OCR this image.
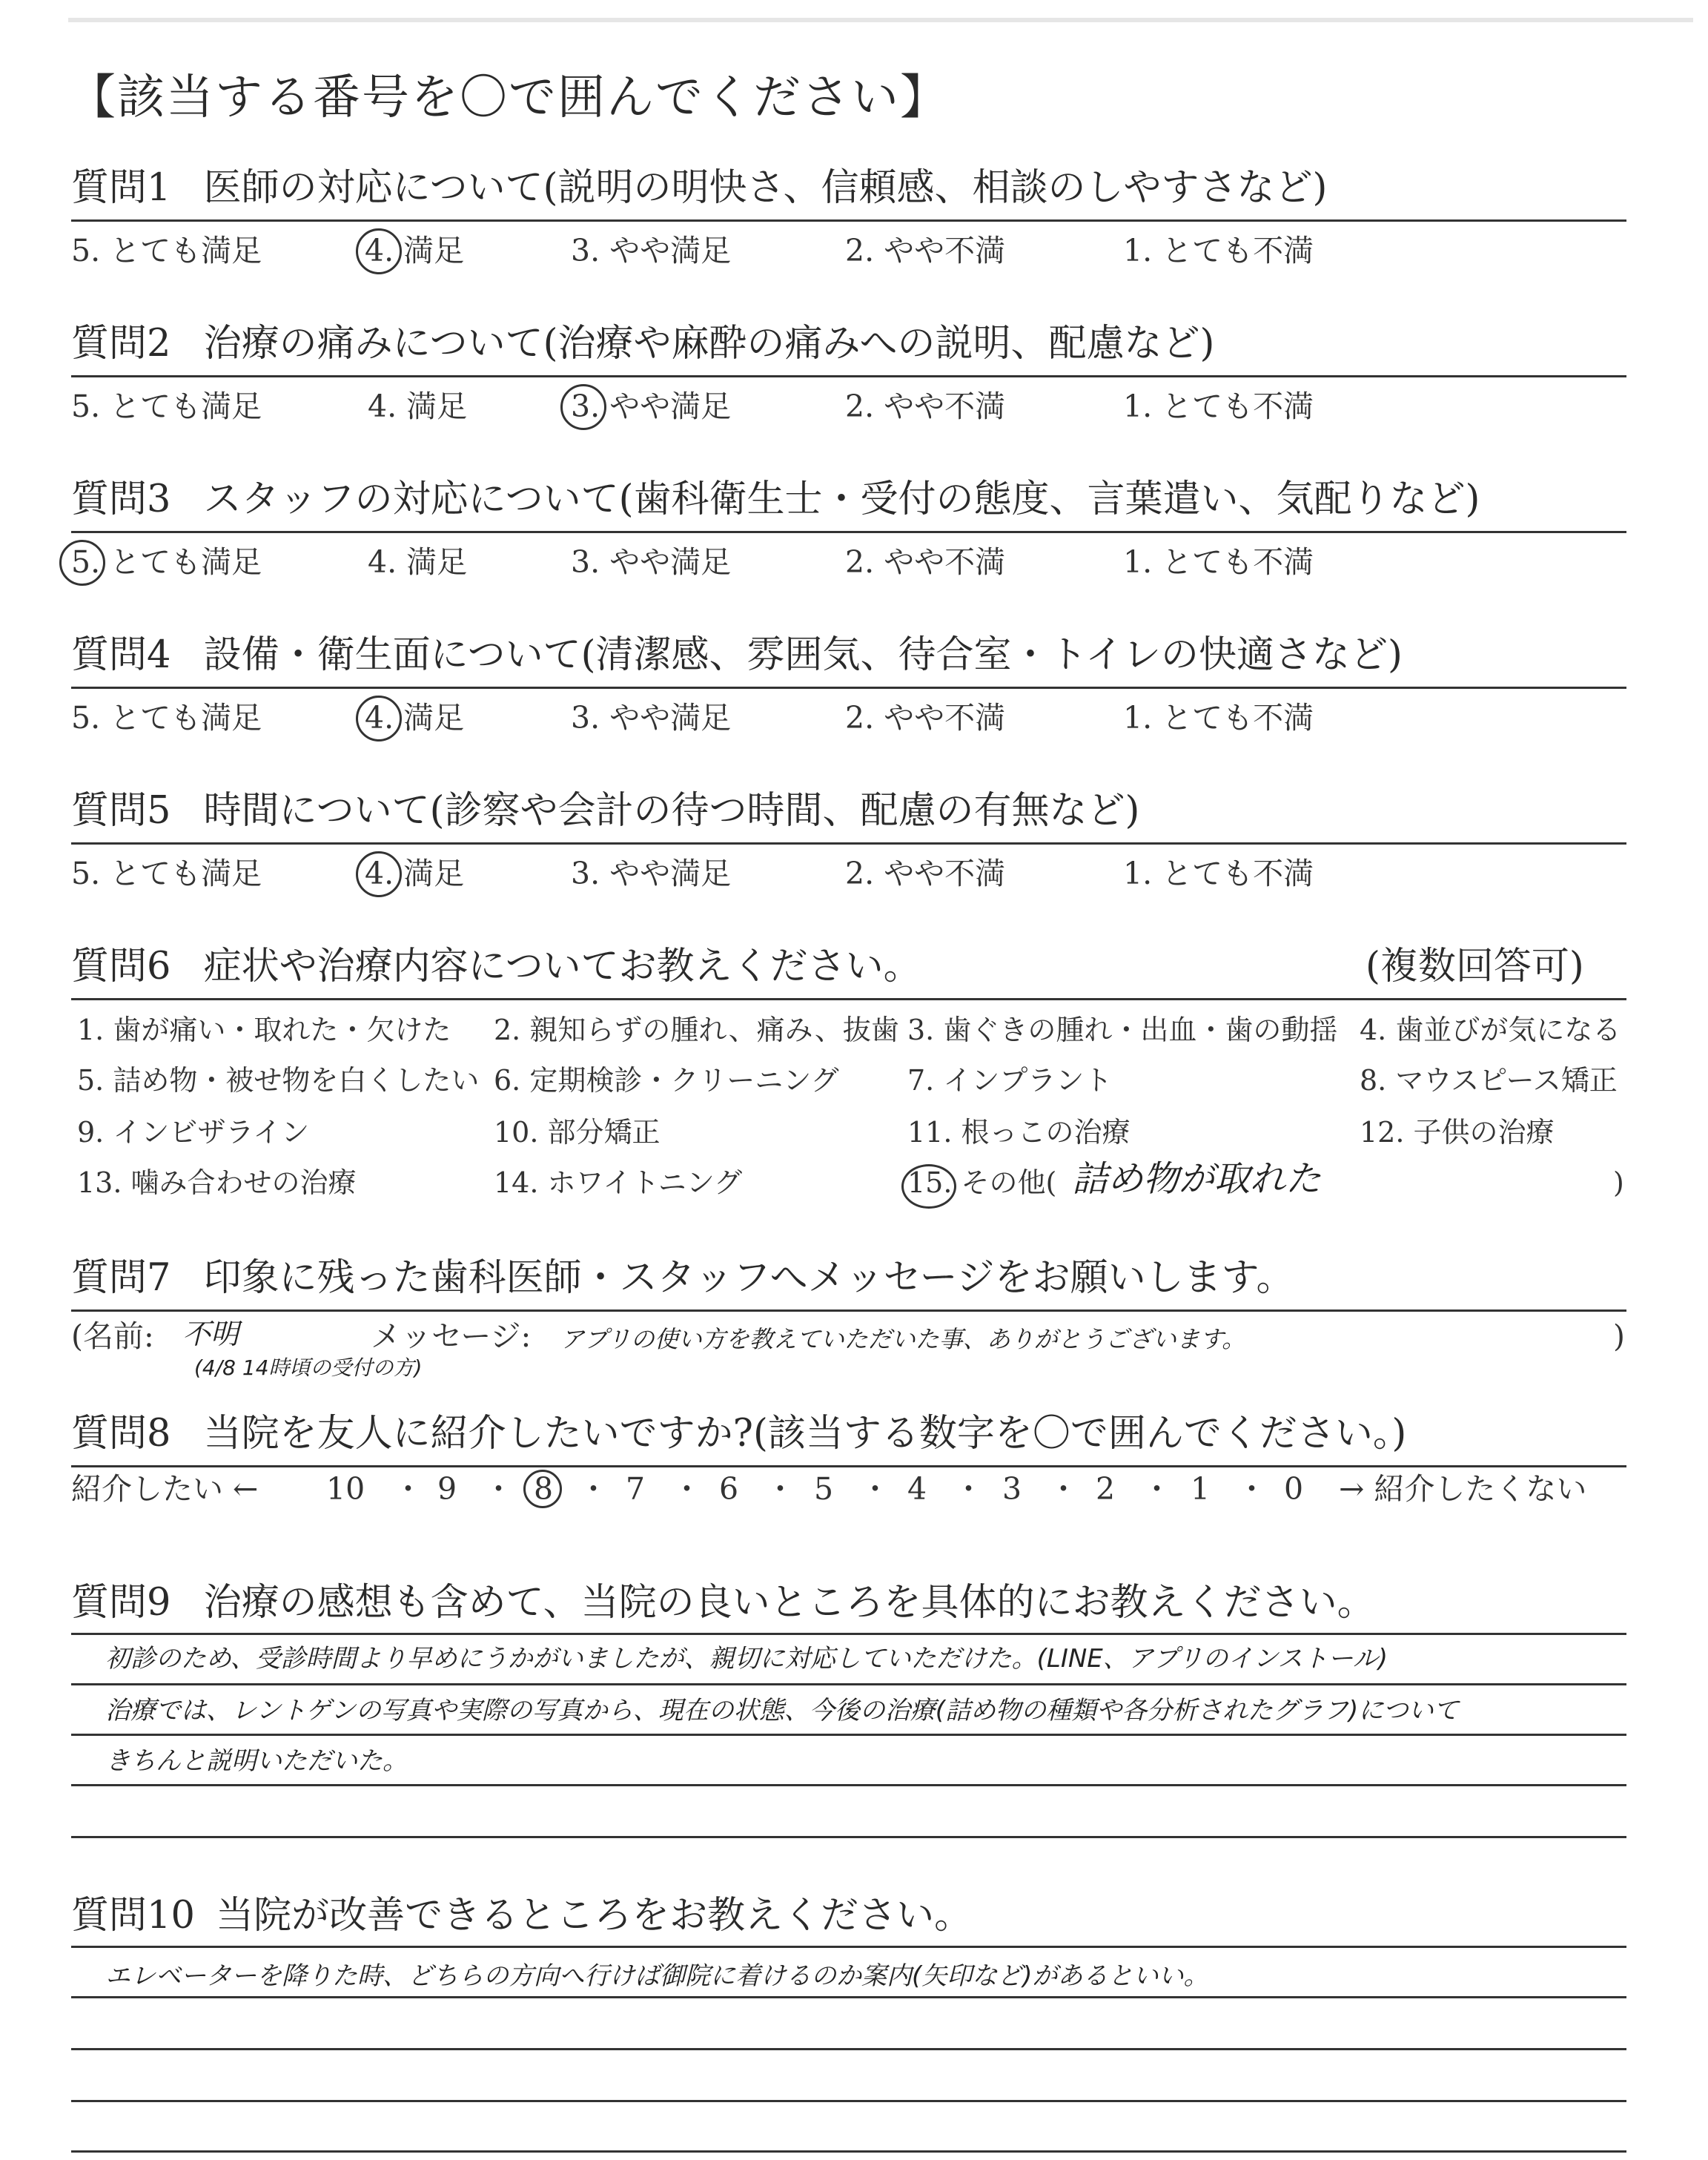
【該当する番号を〇で囲んでください】
質問1 医師の対応について(説明の明快さ、信頼感、相談のしやすさなど)
5. とても満足	4. 満足	3. やや満足	2. やや不満	1. とても不満
質問2 治療の痛みについて(治療や麻酔の痛みへの説明、配慮など)
5. とても満足	4. 満足	3. やや満足	2. やや不満	1. とても不満
質問3 スタッフの対応について(歯科衛生士・受付の態度、言葉遣い、気配りなど)
5. とても満足	4. 満足	3. やや満足	2. やや不満	1. とても不満
質問4 設備・衛生面について(清潔感、雰囲気、待合室・トイレの快適さなど)
5. とても満足	4. 満足	3. やや満足	2. やや不満	1. とても不満
質問5 時間について(診察や会計の待つ時間、配慮の有無など)
5. とても満足	4. 満足	3. やや満足	2. やや不満	1. とても不満
質問6 症状や治療内容についてお教えください。	(複数回答可)
1. 歯が痛い・取れた・欠けた 2. 親知らずの腫れ、痛み、抜歯 3. 歯ぐきの腫れ・出血・歯の動揺 4. 歯並びが気になる
5. 詰め物・被せ物を白くしたい 6. 定期検診・クリーニング 7. インプラント	8. マウスピース矯正
9. インビザライン	10. 部分矯正	11. 根っこの治療	12. 子供の治療
13. 噛み合わせの治療	14. ホワイトニング	15. その他( 詰め物が取れた	)
質問7 印象に残った歯科医師・スタッフへメッセージをお願いします。
(名前: 不明
(4/8 14時頃の受付の方)
メッセージ: アプリの使い方を教えていただいた事、ありがとうございます。	)
質問8 当院を友人に紹介したいですか?(該当する数字を〇で囲んでください。)
紹介したい ← 10 ・ 9 ・ 8 ・ 7 ・ 6 ・ 5 ・ 4 ・ 3 ・ 2 ・ 1 ・ 0 → 紹介したくない
質問9 治療の感想も含めて、当院の良いところを具体的にお教えください。
初診のため、受診時間より早めにうかがいましたが、親切に対応していただけた。(LINE、アプリのインストール)
治療では、レントゲンの写真や実際の写真から、現在の状態、今後の治療(詰め物の種類や各分析されたグラフ)について
きちんと説明いただいた。
質問10 当院が改善できるところをお教えください。
エレベーターを降りた時、どちらの方向へ行けば御院に着けるのか案内(矢印など)があるといい。
